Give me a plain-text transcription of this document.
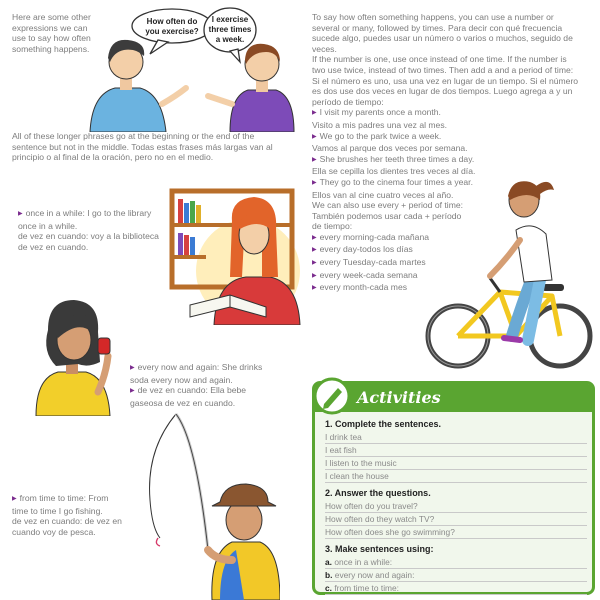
Here are some other
expressions we can
use to say how often
something happens.
How often do
you exercise?
I exercise
three times
a week.
All of these longer phrases go at the beginning or the end of the
sentence but not in the middle. Todas estas frases más largas van al
principio o al final de la oración, pero no en el medio.
▶ once in a while: I go to the library
once in a while.
de vez en cuando: voy a la biblioteca
de vez en cuando.
▶ every now and again: She drinks
soda every now and again.
▶ de vez en cuando: Ella bebe
gaseosa de vez en cuando.
▶ from time to time: From
time to time I go fishing.
de vez en cuando: de vez en
cuando voy de pesca.
To say how often something happens, you can use a number or
several or many, followed by times. Para decir con qué frecuencia
sucede algo, puedes usar un número o varios o muchos, seguido de
veces.
If the number is one, use once instead of one time. If the number is
two use twice, instead of two times. Then add a and a period of time:
Si el número es uno, usa una vez en lugar de un tiempo. Si el número
es dos use dos veces en lugar de dos tiempos. Luego agrega a y un
período de tiempo:
▶ I visit my parents once a month.
Visito a mis padres una vez al mes.
▶ We go to the park twice a week.
Vamos al parque dos veces por semana.
▶ She brushes her teeth three times a day.
Ella se cepilla los dientes tres veces al día.
▶ They go to the cinema four times a year.
Ellos van al cine cuatro veces al año.
We can also use every + period of time:
También podemos usar cada + período
de tiempo:
▶ every morning-cada mañana
▶ every day-todos los días
▶ every Tuesday-cada martes
▶ every week-cada semana
▶ every month-cada mes
Activities
1. Complete the sentences.
I drink tea
I eat fish
I listen to the music
I clean the house
2. Answer the questions.
How often do you travel?
How often do they watch TV?
How often does she go swimming?
3. Make sentences using:
a. once in a while:
b. every now and again:
c. from time to time:
